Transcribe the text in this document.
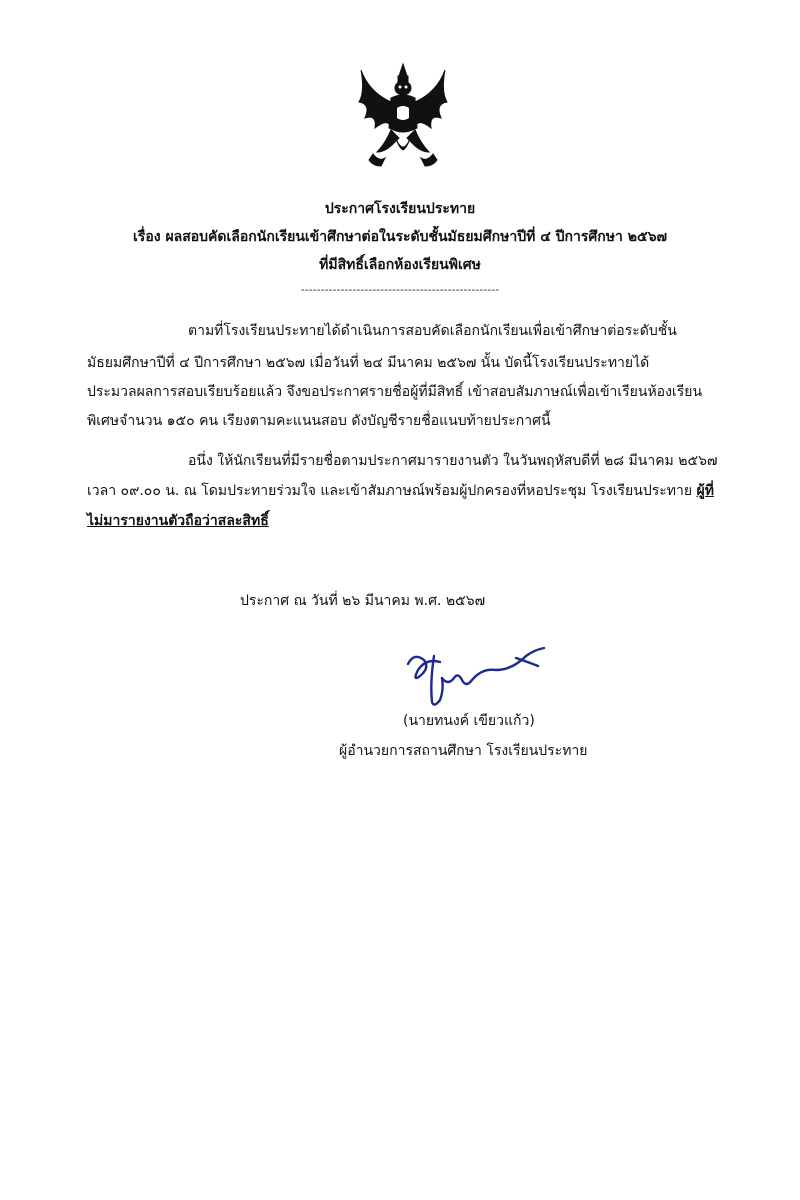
ประกาศโรงเรียนประทาย
เรื่อง ผลสอบคัดเลือกนักเรียนเข้าศึกษาต่อในระดับชั้นมัธยมศึกษาปีที่ ๔ ปีการศึกษา ๒๕๖๗
ที่มีสิทธิ์เลือกห้องเรียนพิเศษ
--------------------------------------------------
ตามที่โรงเรียนประทายได้ดำเนินการสอบคัดเลือกนักเรียนเพื่อเข้าศึกษาต่อระดับชั้น
มัธยมศึกษาปีที่ ๔ ปีการศึกษา ๒๕๖๗ เมื่อวันที่ ๒๔ มีนาคม ๒๕๖๗ นั้น บัดนี้โรงเรียนประทายได้
ประมวลผลการสอบเรียบร้อยแล้ว จึงขอประกาศรายชื่อผู้ที่มีสิทธิ์ เข้าสอบสัมภาษณ์เพื่อเข้าเรียนห้องเรียน
พิเศษจำนวน ๑๕๐ คน เรียงตามคะแนนสอบ ดังบัญชีรายชื่อแนบท้ายประกาศนี้
อนึ่ง ให้นักเรียนที่มีรายชื่อตามประกาศมารายงานตัว ในวันพฤหัสบดีที่ ๒๘ มีนาคม ๒๕๖๗
เวลา ๐๙.๐๐ น. ณ โดมประทายร่วมใจ และเข้าสัมภาษณ์พร้อมผู้ปกครองที่หอประชุม โรงเรียนประทาย ผู้ที่
ไม่มารายงานตัวถือว่าสละสิทธิ์
ประกาศ ณ วันที่ ๒๖ มีนาคม พ.ศ. ๒๕๖๗
(นายทนงค์ เขียวแก้ว)
ผู้อำนวยการสถานศึกษา โรงเรียนประทาย
